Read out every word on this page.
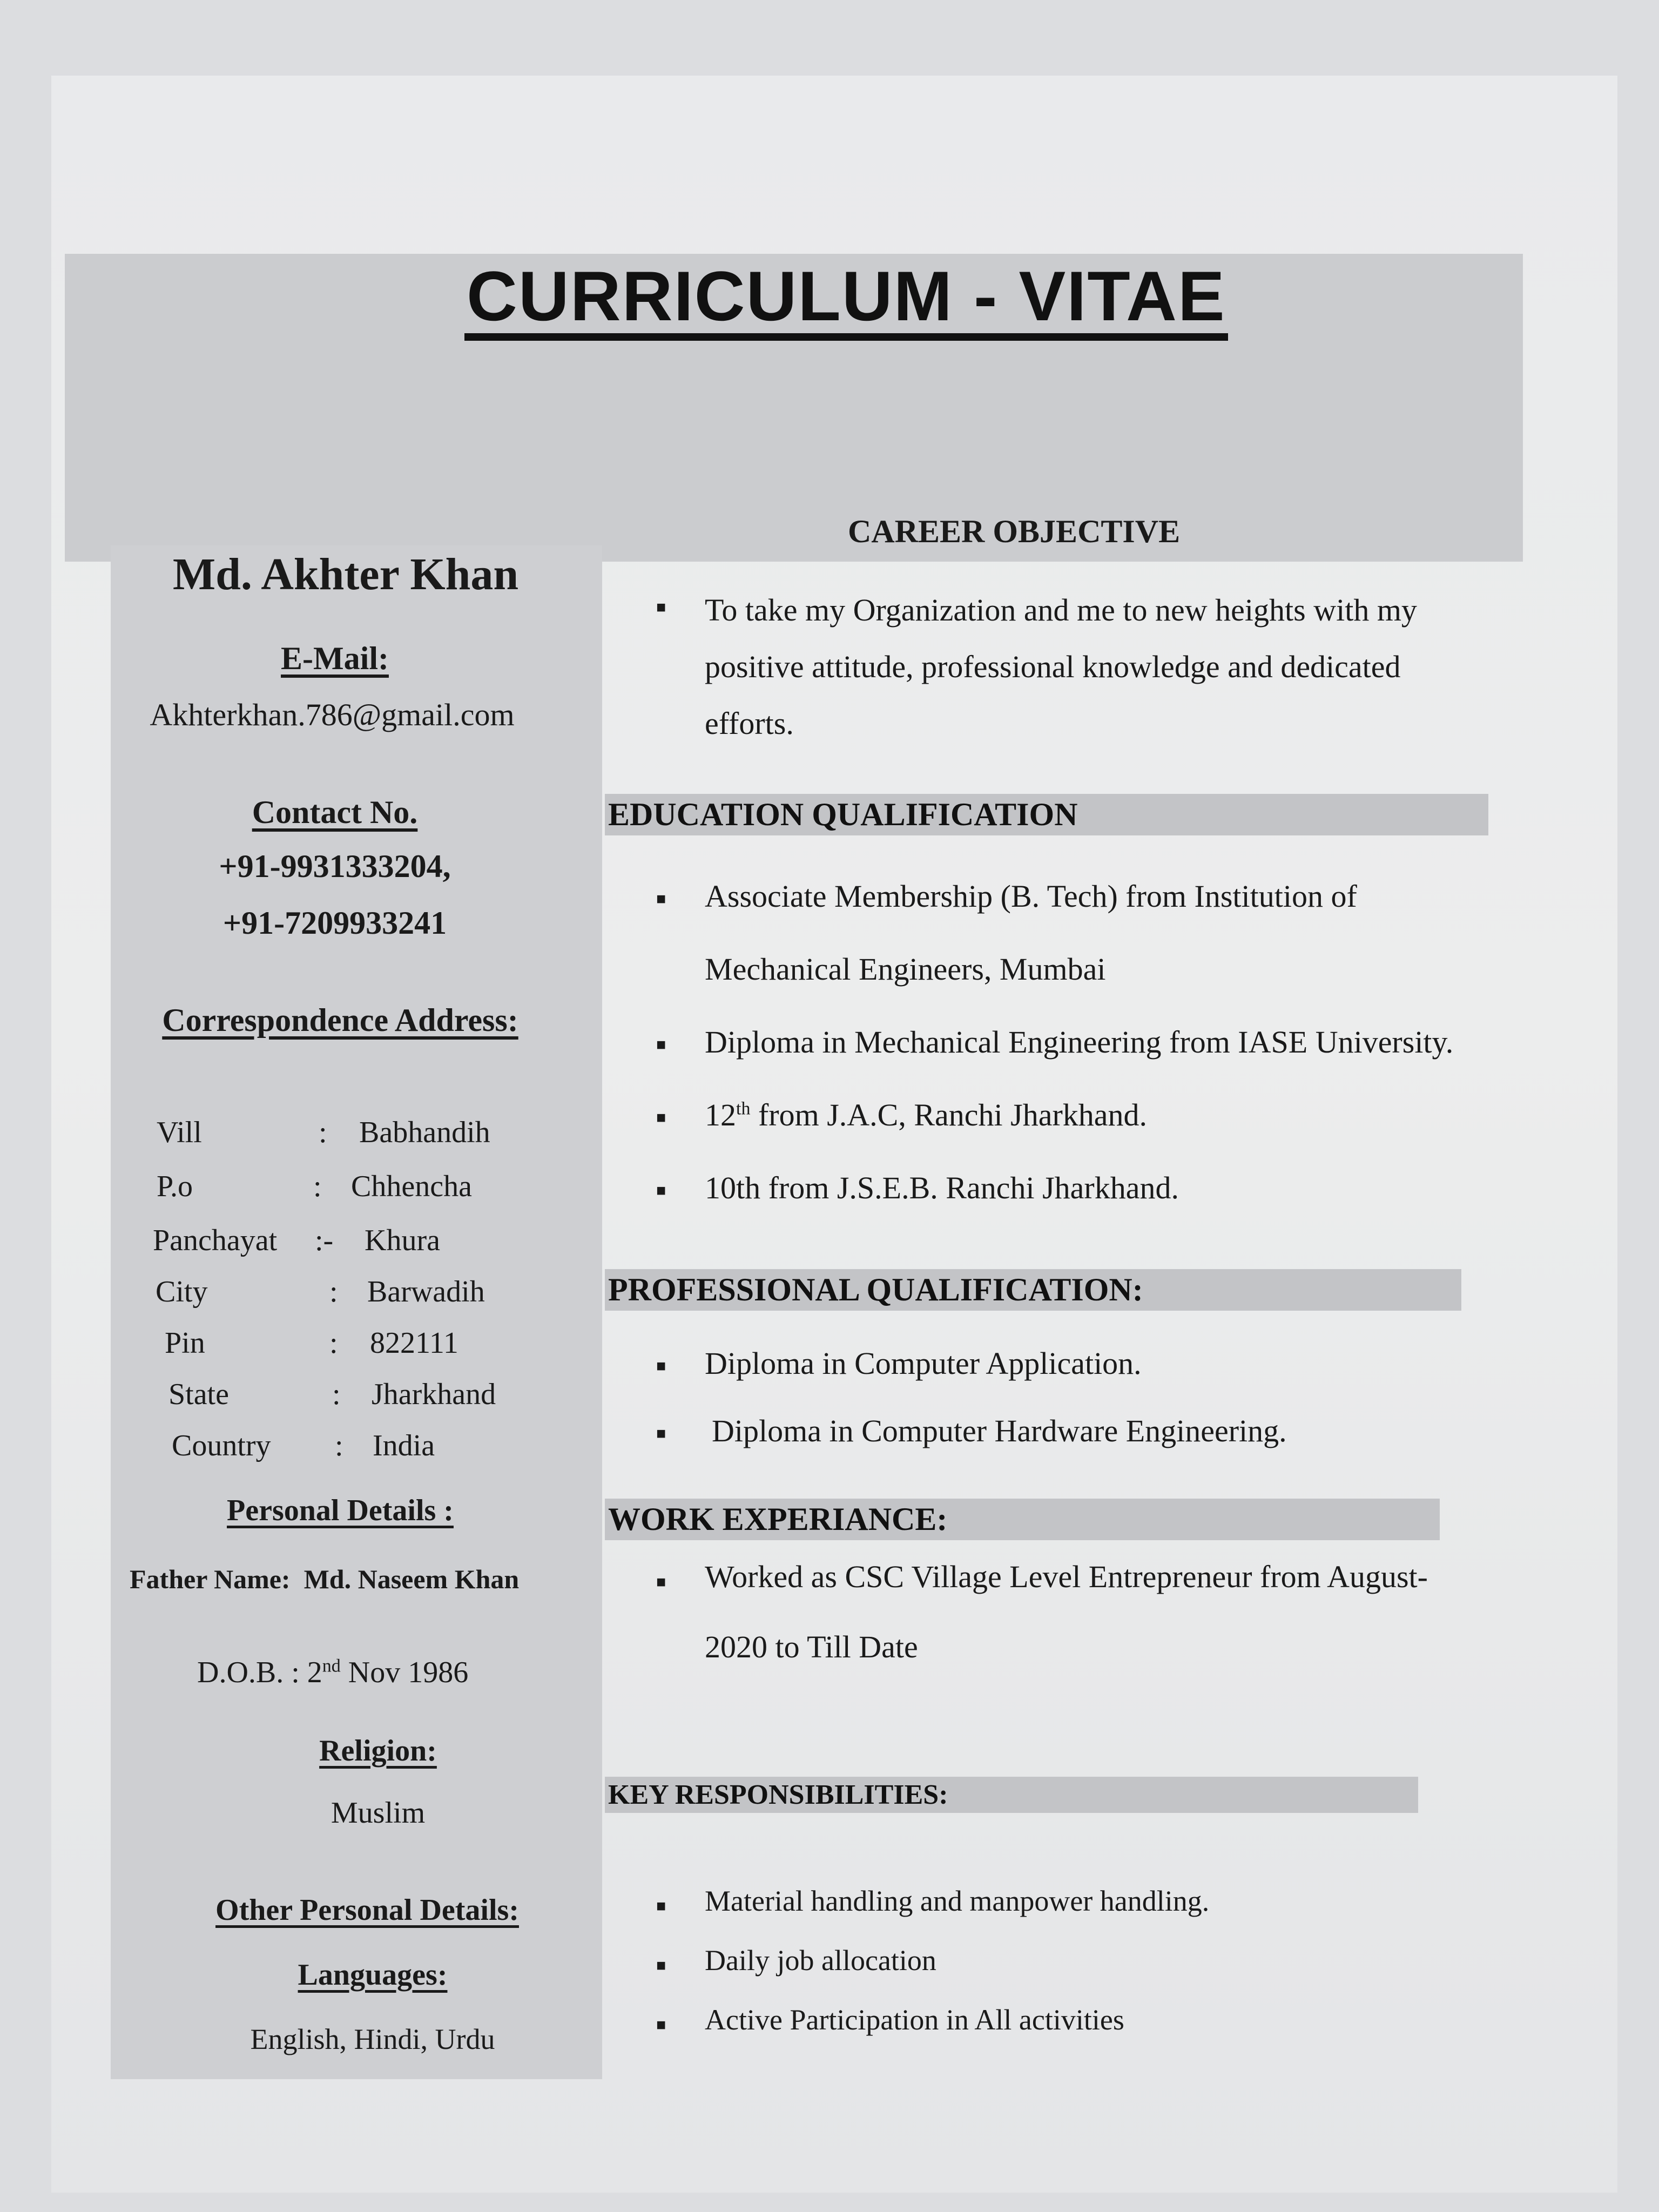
CURRICULUM - VITAE
Md. Akhter Khan
E-Mail:
Akhterkhan.786@gmail.com
Contact No.
+91-9931333204,
+91-7209933241
Correspondence Address:
Vill	: Babhandih
P.o	: Chhencha
Panchayat :- Khura
City	: Barwadih
Pin	: 822111
State	: Jharkhand
Country : India
Personal Details :
Father Name: Md. Naseem Khan
D.O.B. : 2nd Nov 1986
Religion:
Muslim
Other Personal Details:
Languages:
English, Hindi, Urdu
CAREER OBJECTIVE
■ To take my Organization and me to new heights with my
positive attitude, professional knowledge and dedicated
efforts.
EDUCATION QUALIFICATION
■ Associate Membership (B. Tech) from Institution of
Mechanical Engineers, Mumbai
■ Diploma in Mechanical Engineering from IASE University.
■ 12th from J.A.C, Ranchi Jharkhand.
■ 10th from J.S.E.B. Ranchi Jharkhand.
PROFESSIONAL QUALIFICATION:
■ Diploma in Computer Application.
■ Diploma in Computer Hardware Engineering.
WORK EXPERIANCE:
■ Worked as CSC Village Level Entrepreneur from August-
2020 to Till Date
KEY RESPONSIBILITIES:
■ Material handling and manpower handling.
■ Daily job allocation
■ Active Participation in All activities
